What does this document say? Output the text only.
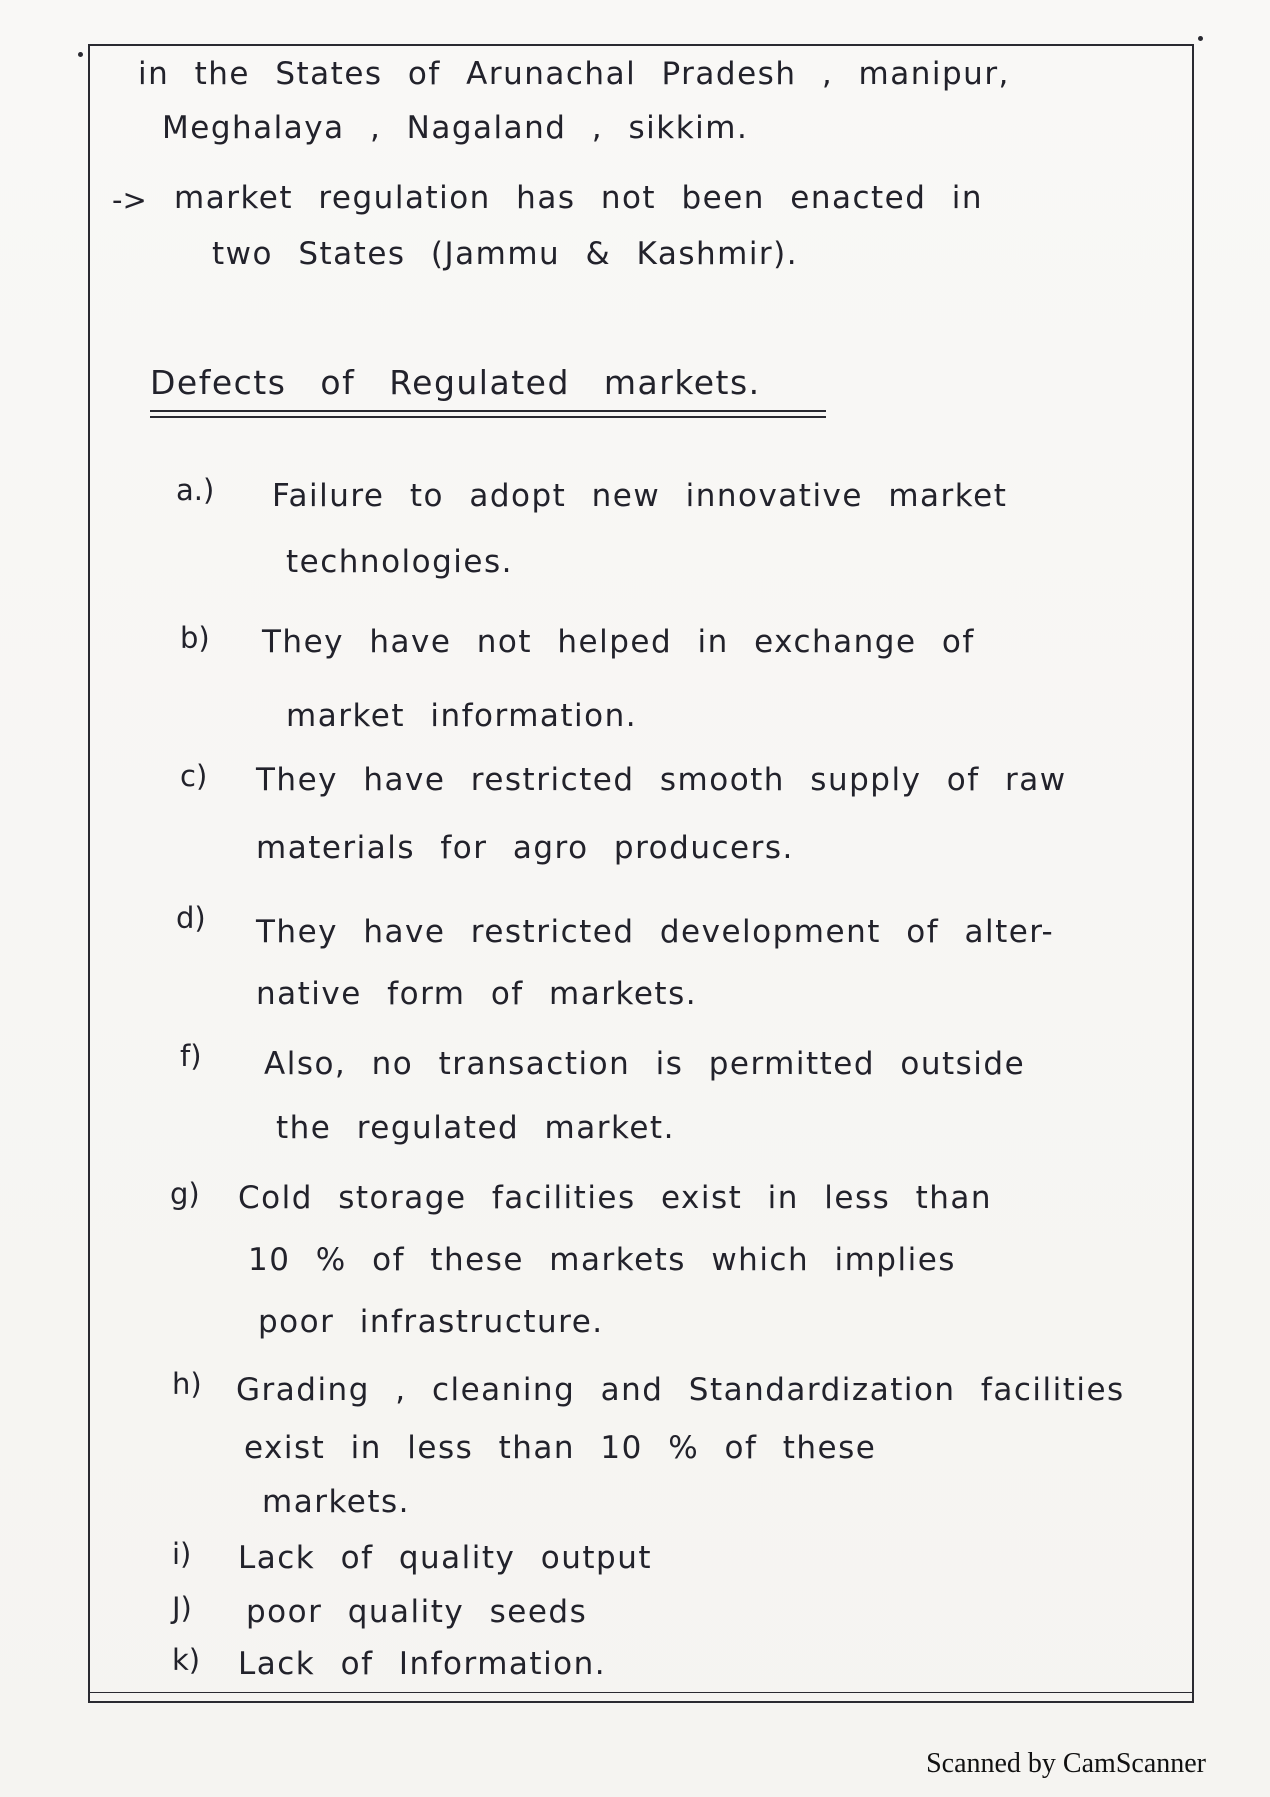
in the States of Arunachal Pradesh , manipur,
Meghalaya , Nagaland , sikkim.
-> market regulation has not been enacted in
two States (Jammu & Kashmir).
Defects of Regulated markets.
a.) Failure to adopt new innovative market
technologies.
b) They have not helped in exchange of
market information.
c) They have restricted smooth supply of raw
materials for agro producers.
d) They have restricted development of alter-
native form of markets.
f) Also, no transaction is permitted outside
the regulated market.
g) Cold storage facilities exist in less than
10 % of these markets which implies
poor infrastructure.
h) Grading , cleaning and Standardization facilities
exist in less than 10 % of these
markets.
i) Lack of quality output
J) poor quality seeds
k) Lack of Information.
Scanned by CamScanner
